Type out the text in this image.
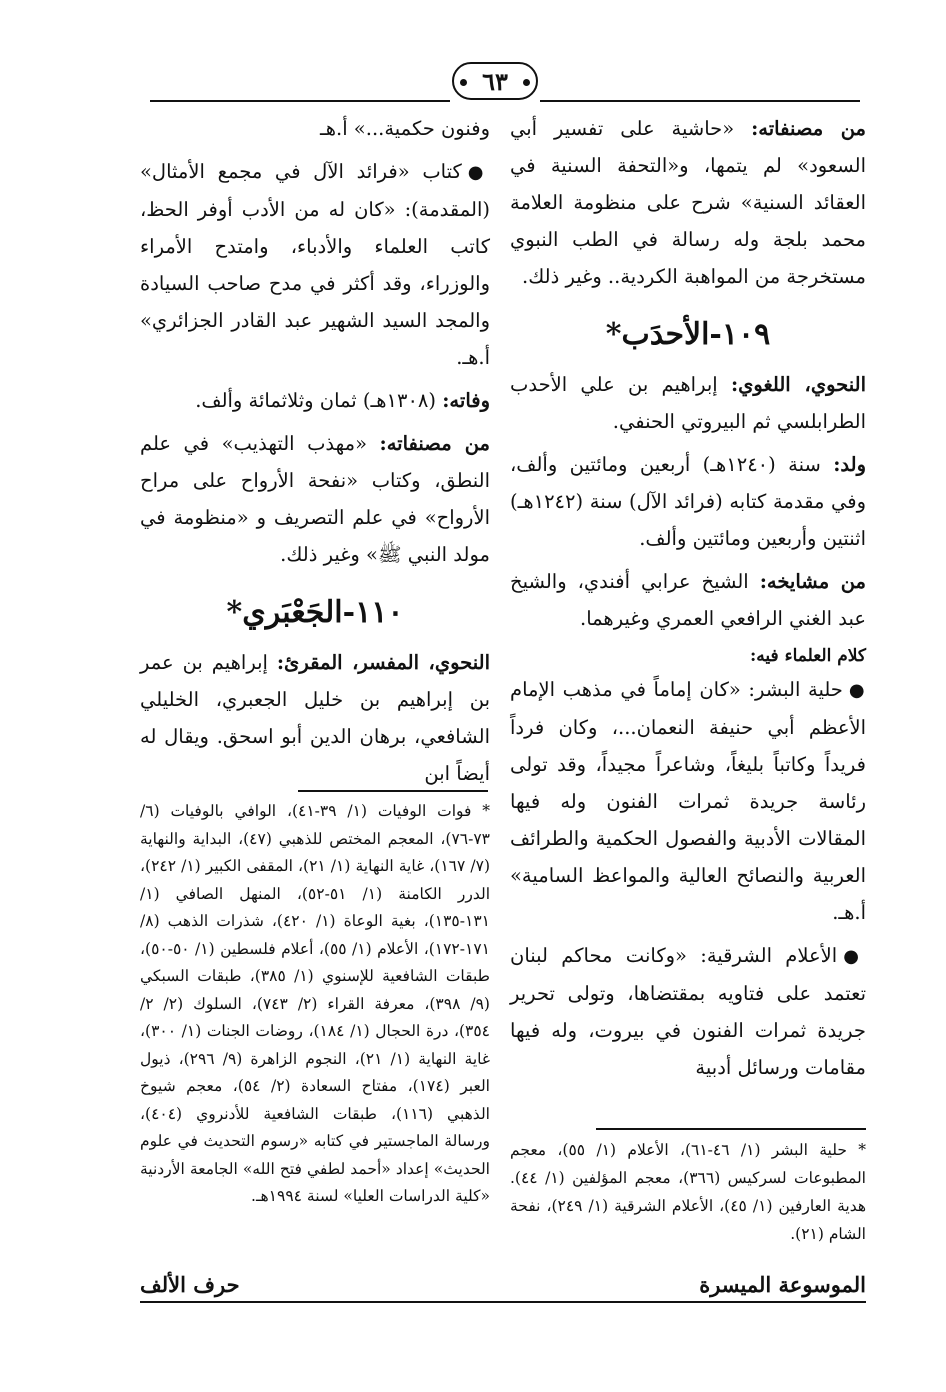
٦٣

من مصنفاته: «حاشية على تفسير أبي السعود» لم يتمها، و«التحفة السنية في العقائد السنية» شرح على منظومة العلامة محمد بلجة وله رسالة في الطب النبوي مستخرجة من المواهبة الكردية.. وغير ذلك.

١٠٩-الأحدَب*

النحوي، اللغوي: إبراهيم بن علي الأحدب الطرابلسي ثم البيروتي الحنفي.

ولد: سنة (١٢٤٠هـ) أربعين ومائتين وألف، وفي مقدمة كتابه (فرائد الآل) سنة (١٢٤٢هـ) اثنتين وأربعين ومائتين وألف.

من مشايخه: الشيخ عرابي أفندي، والشيخ عبد الغني الرافعي العمري وغيرهما.

كلام العلماء فيه:

●حلية البشر: «كان إماماً في مذهب الإمام الأعظم أبي حنيفة النعمان...، وكان فرداً فريداً وكاتباً بليغاً، وشاعراً مجيداً، وقد تولى رئاسة جريدة ثمرات الفنون وله فيها المقالات الأدبية والفصول الحكمية والطرائف العربية والنصائح العالية والمواعظ السامية» أ.هـ.

●الأعلام الشرقية: «وكانت محاكم لبنان تعتمد على فتاويه بمقتضاها، وتولى تحرير جريدة ثمرات الفنون في بيروت، وله فيها مقامات ورسائل أدبية

وفنون حكمية...» أ.هـ

●كتاب «فرائد الآل في مجمع الأمثال» (المقدمة): «كان له من الأدب أوفر الحظ، كاتب العلماء والأدباء، وامتدح الأمراء والوزراء، وقد أكثر في مدح صاحب السيادة والمجد السيد الشهير عبد القادر الجزائري» أ.هـ.

وفاته: (١٣٠٨هـ) ثمان وثلاثمائة وألف.

من مصنفاته: «مهذب التهذيب» في علم النطق، وكتاب «نفحة الأرواح على مراح الأرواح» في علم التصريف و «منظومة في مولد النبي ﷺ» وغير ذلك.

١١٠-الجَعْبَري*

النحوي، المفسر، المقرئ: إبراهيم بن عمر بن إبراهيم بن خليل الجعبري، الخليلي الشافعي، برهان الدين أبو اسحق. ويقال له أيضاً ابن

* فوات الوفيات (١/ ٣٩-٤١)، الوافي بالوفيات (٦/ ٧٣-٧٦)، المعجم المختص للذهبي (٤٧)، البداية والنهاية (٧/ ١٦٧)، غاية النهاية (١/ ٢١)، المقفى الكبير (١/ ٢٤٢)، الدرر الكامنة (١/ ٥١-٥٢)، المنهل الصافي (١/ ١٣١-١٣٥)، بغية الوعاة (١/ ٤٢٠)، شذرات الذهب (٨/ ١٧١-١٧٢)، الأعلام (١/ ٥٥)، أعلام فلسطين (١/ ٥٠-٥٠)، طبقات الشافعية للإسنوي (١/ ٣٨٥)، طبقات السبكي (٩/ ٣٩٨)، معرفة القراء (٢/ ٧٤٣)، السلوك (٢/ ٢/ ٣٥٤)، درة الحجال (١/ ١٨٤)، روضات الجنات (١/ ٣٠٠)، غاية النهاية (١/ ٢١)، النجوم الزاهرة (٩/ ٢٩٦)، ذيول العبر (١٧٤)، مفتاح السعادة (٢/ ٥٤)، معجم شيوخ الذهبي (١١٦)، طبقات الشافعية للأدنروي (٤٠٤)، ورسالة الماجستير في كتابه «رسوم التحديث في علوم الحديث» إعداد «أحمد لطفي فتح الله» الجامعة الأردنية «كلية الدراسات العليا» لسنة ١٩٩٤هـ.
* حلية البشر (١/ ٤٦-٦١)، الأعلام (١/ ٥٥)، معجم المطبوعات لسركيس (٣٦٦)، معجم المؤلفين (١/ ٤٤). هدية العارفين (١/ ٤٥)، الأعلام الشرقية (١/ ٢٤٩)، نفحة الشام (٢١).
الموسوعة الميسرة
حرف الألف
